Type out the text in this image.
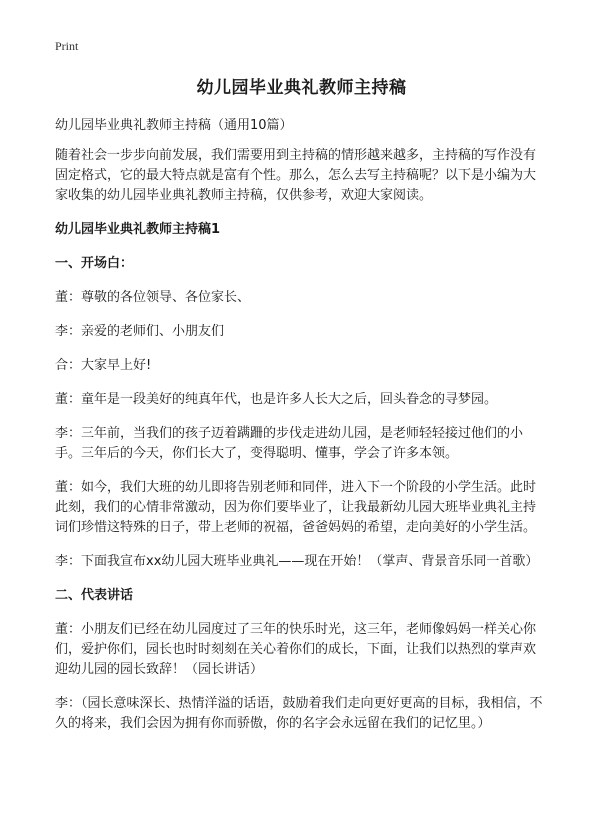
Print
幼儿园毕业典礼教师主持稿

幼儿园毕业典礼教师主持稿（通用10篇）

随着社会一步步向前发展，我们需要用到主持稿的情形越来越多，主持稿的写作没有固定格式，它的最大特点就是富有个性。那么，怎么去写主持稿呢？以下是小编为大家收集的幼儿园毕业典礼教师主持稿，仅供参考，欢迎大家阅读。

幼儿园毕业典礼教师主持稿1

一、开场白：

董：尊敬的各位领导、各位家长、

李：亲爱的老师们、小朋友们

合：大家早上好!

董：童年是一段美好的纯真年代，也是许多人长大之后，回头眷念的寻梦园。

李：三年前，当我们的孩子迈着蹒跚的步伐走进幼儿园，是老师轻轻接过他们的小手。三年后的今天，你们长大了，变得聪明、懂事，学会了许多本领。

董：如今，我们大班的幼儿即将告别老师和同伴，进入下一个阶段的小学生活。此时此刻，我们的心情非常激动，因为你们要毕业了，让我最新幼儿园大班毕业典礼主持词们珍惜这特殊的日子，带上老师的祝福，爸爸妈妈的希望，走向美好的小学生活。

李：下面我宣布xx幼儿园大班毕业典礼——现在开始！（掌声、背景音乐同一首歌）

二、代表讲话

董：小朋友们已经在幼儿园度过了三年的快乐时光，这三年，老师像妈妈一样关心你们，爱护你们，园长也时时刻刻在关心着你们的成长，下面，让我们以热烈的掌声欢迎幼儿园的园长致辞！（园长讲话）

李：（园长意味深长、热情洋溢的话语，鼓励着我们走向更好更高的目标，我相信，不久的将来，我们会因为拥有你而骄傲，你的名字会永远留在我们的记忆里。）
